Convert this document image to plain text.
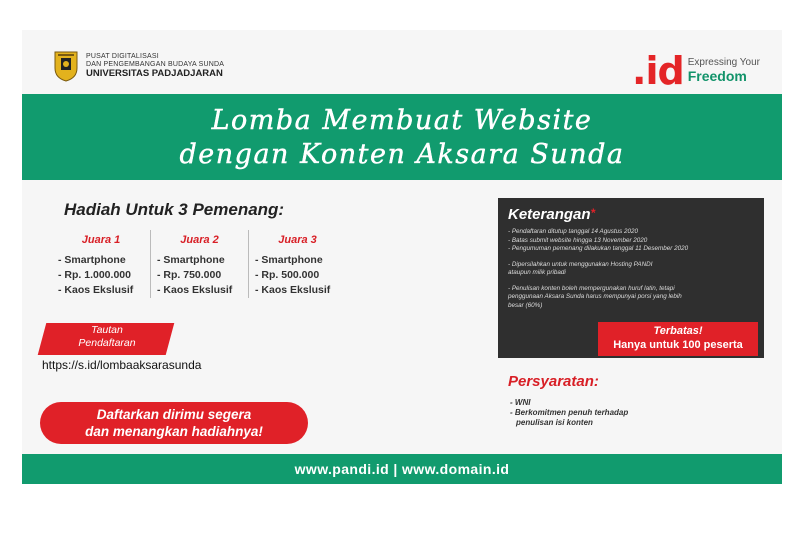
PUSAT DIGITALISASI
DAN PENGEMBANGAN BUDAYA SUNDA
UNIVERSITAS PADJADJARAN	.id Expressing Your
Freedom
Lomba Membuat Website
dengan Konten Aksara Sunda
Hadiah Untuk 3 Pemenang:
Juara 1
- Smartphone
- Rp. 1.000.000
- Kaos Ekslusif
Juara 2
- Smartphone
- Rp. 750.000
- Kaos Ekslusif
Juara 3
- Smartphone
- Rp. 500.000
- Kaos Ekslusif
Tautan
Pendaftaran
https://s.id/lombaaksarasunda
Daftarkan dirimu segera
dan menangkan hadiahnya!
Keterangan*
- Pendaftaran ditutup tanggal 14 Agustus 2020
- Batas submit website hingga 13 November 2020
- Pengumuman pemenang dilakukan tanggal 11 Desember 2020
- Dipersilahkan untuk menggunakan Hosting PANDI
ataupun milik pribadi
- Penulisan konten boleh mempergunakan huruf latin, tetapi
penggunaan Aksara Sunda harus mempunyai porsi yang lebih
besar (60%)
Terbatas!
Hanya untuk 100 peserta
Persyaratan:
- WNI
- Berkomitmen penuh terhadap
penulisan isi konten
www.pandi.id | www.domain.id
